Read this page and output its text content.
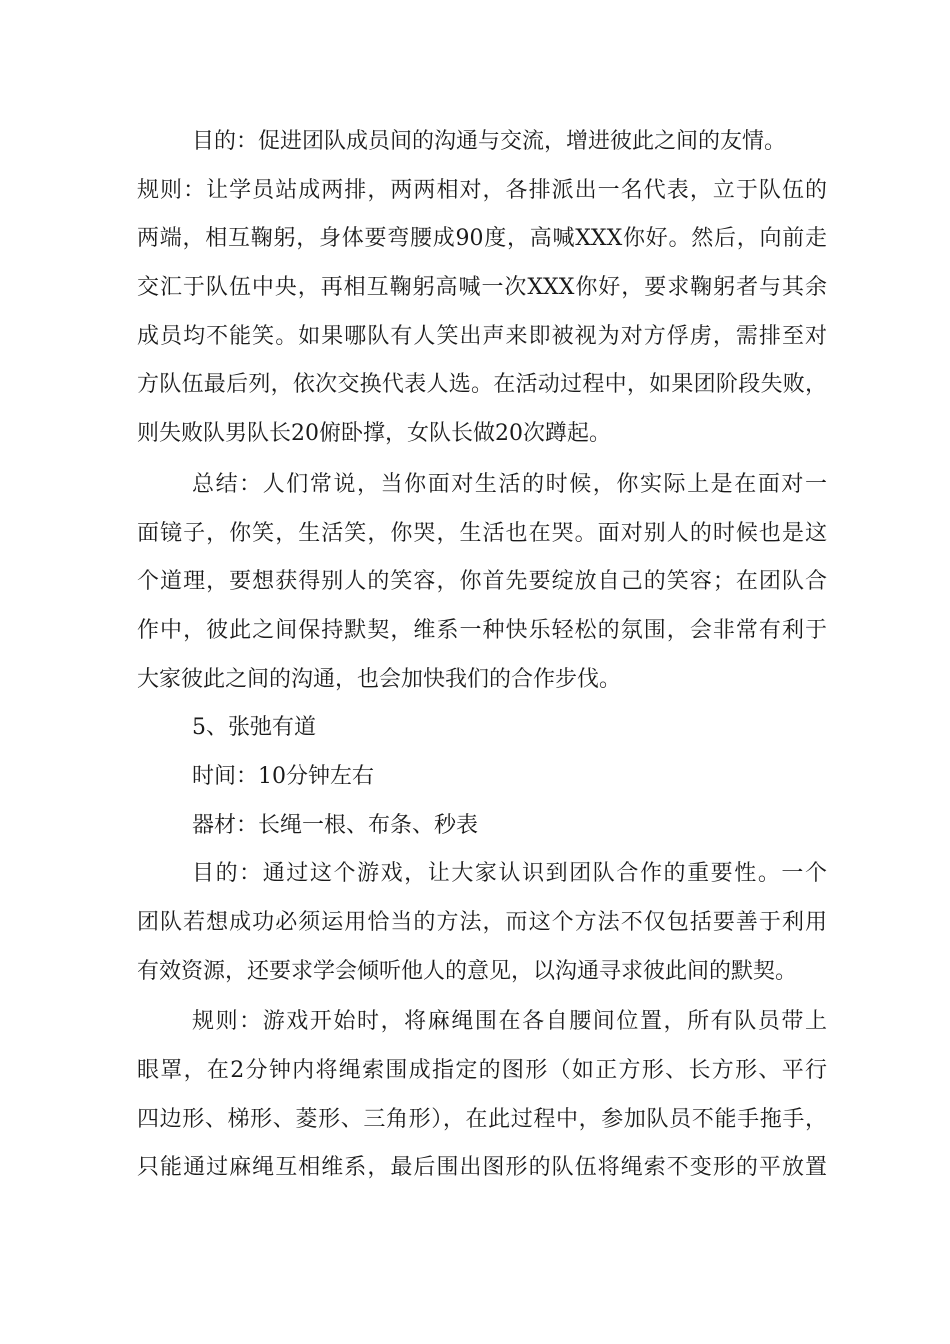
目的：促进团队成员间的沟通与交流，增进彼此之间的友情。
规则：让学员站成两排，两两相对，各排派出一名代表，立于队伍的
两端，相互鞠躬，身体要弯腰成90度，高喊XXX你好。然后，向前走
交汇于队伍中央，再相互鞠躬高喊一次XXX你好，要求鞠躬者与其余
成员均不能笑。如果哪队有人笑出声来即被视为对方俘虏，需排至对
方队伍最后列，依次交换代表人选。在活动过程中，如果团阶段失败，
则失败队男队长20俯卧撑，女队长做20次蹲起。
总结：人们常说，当你面对生活的时候，你实际上是在面对一
面镜子，你笑，生活笑，你哭，生活也在哭。面对别人的时候也是这
个道理，要想获得别人的笑容，你首先要绽放自己的笑容；在团队合
作中，彼此之间保持默契，维系一种快乐轻松的氛围，会非常有利于
大家彼此之间的沟通，也会加快我们的合作步伐。
5、张弛有道
时间：10分钟左右
器材：长绳一根、布条、秒表
目的：通过这个游戏，让大家认识到团队合作的重要性。一个
团队若想成功必须运用恰当的方法，而这个方法不仅包括要善于利用
有效资源，还要求学会倾听他人的意见，以沟通寻求彼此间的默契。
规则：游戏开始时，将麻绳围在各自腰间位置，所有队员带上
眼罩，在2分钟内将绳索围成指定的图形（如正方形、长方形、平行
四边形、梯形、菱形、三角形），在此过程中，参加队员不能手拖手，
只能通过麻绳互相维系，最后围出图形的队伍将绳索不变形的平放置
